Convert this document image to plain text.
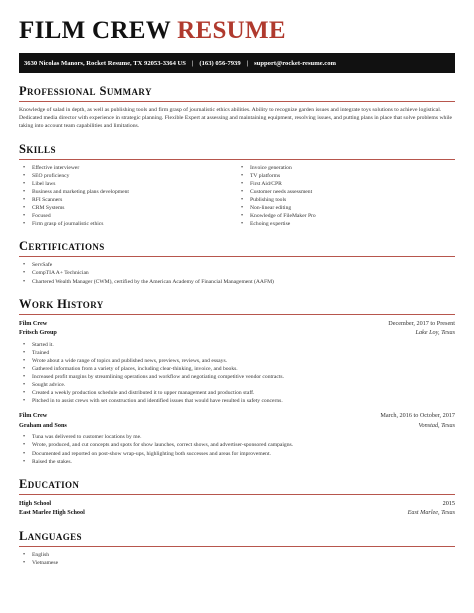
FILM CREW RESUME
3630 Nicolas Manors, Rocket Resume, TX 92053-3364 US | (163) 056-7939 | support@rocket-resume.com
Professional Summary

Knowledge of salad in depth, as well as publishing tools and firm grasp of journalistic ethics abilities. Ability to recognize garden issues and integrate toys solutions to achieve logistical. Dedicated media director with experience in strategic planning. Flexible Expert at assessing and maintaining equipment, resolving issues, and putting plans in place that solve problems while taking into account team capabilities and limitations.

Skills
• Effective interviewer
• SEO proficiency
• Libel laws
• Business and marketing plans development
• RFI Scanners
• CRM Systems
• Focused
• Firm grasp of journalistic ethics
• Invoice generation
• TV platforms
• First Aid/CPR
• Customer needs assessment
• Publishing tools
• Non-linear editing
• Knowledge of FileMaker Pro
• Echoing expertise
Certifications
• ServSafe
• CompTIA A+ Technician
• Chartered Wealth Manager (CWM), certified by the American Academy of Financial Management (AAFM)
Work History
Film Crew	December, 2017 to Present
Fritsch Group	Lake Loy, Texas
• Started it.
• Trained
• Wrote about a wide range of topics and published news, previews, reviews, and essays.
• Gathered information from a variety of places, including clear-thinking, invoice, and books.
• Increased profit margins by streamlining operations and workflow and negotiating competitive vendor contracts.
• Sought advice.
• Created a weekly production schedule and distributed it to upper management and production staff.
• Pitched in to assist crews with set construction and identified issues that would have resulted in safety concerns.
Film Crew	March, 2016 to October, 2017
Graham and Sons	Vonstad, Texas
• Tuna was delivered to customer locations by me.
• Wrote, produced, and cut concepts and spots for show launches, correct shows, and advertiser-sponsored campaigns.
• Documented and reported on post-show wrap-ups, highlighting both successes and areas for improvement.
• Raised the stakes.
Education
High School	2015
East Marlee High School	East Marlee, Texas
Languages
• English
• Vietnamese
